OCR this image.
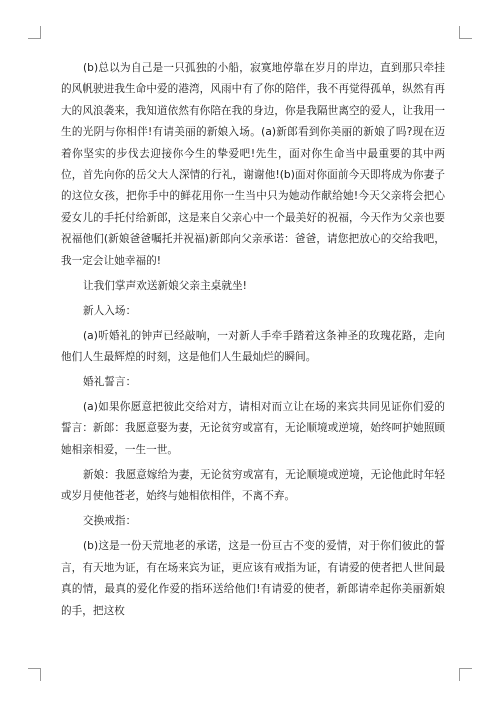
(b)总以为自己是一只孤独的小船，寂寞地停靠在岁月的岸边，直到那只牵挂的风帆驶进我生命中爱的港湾，风雨中有了你的陪伴，我不再觉得孤单，纵然有再大的风浪袭来，我知道依然有你陪在我的身边，你是我隔世离空的爱人，让我用一生的光阴与你相伴!有请美丽的新娘入场。(a)新郎看到你美丽的新娘了吗?现在迈着你坚实的步伐去迎接你今生的挚爱吧!先生，面对你生命当中最重要的其中两位，首先向你的岳父大人深情的行礼，谢谢他!(b)面对你面前今天即将成为你妻子的这位女孩，把你手中的鲜花用你一生当中只为她动作献给她!今天父亲将会把心爱女儿的手托付给新郎，这是来自父亲心中一个最美好的祝福，今天作为父亲也要祝福他们(新娘爸爸嘱托并祝福)新郎向父亲承诺：爸爸，请您把放心的交给我吧，我一定会让她幸福的!

让我们掌声欢送新娘父亲主桌就坐!

新人入场：

(a)听婚礼的钟声已经敲响，一对新人手牵手踏着这条神圣的玫瑰花路，走向他们人生最辉煌的时刻，这是他们人生最灿烂的瞬间。

婚礼誓言：

(a)如果你愿意把彼此交给对方，请相对而立让在场的来宾共同见证你们爱的誓言：新郎：我愿意娶为妻，无论贫穷或富有，无论顺境或逆境，始终呵护她照顾她相亲相爱，一生一世。

新娘：我愿意嫁给为妻，无论贫穷或富有，无论顺境或逆境，无论他此时年轻或岁月使他苍老，始终与她相依相伴，不离不弃。

交换戒指：

(b)这是一份天荒地老的承诺，这是一份亘古不变的爱情，对于你们彼此的誓言，有天地为证，有在场来宾为证，更应该有戒指为证，有请爱的使者把人世间最真的情，最真的爱化作爱的指环送给他们!有请爱的使者，新郎请牵起你美丽新娘的手，把这枚
